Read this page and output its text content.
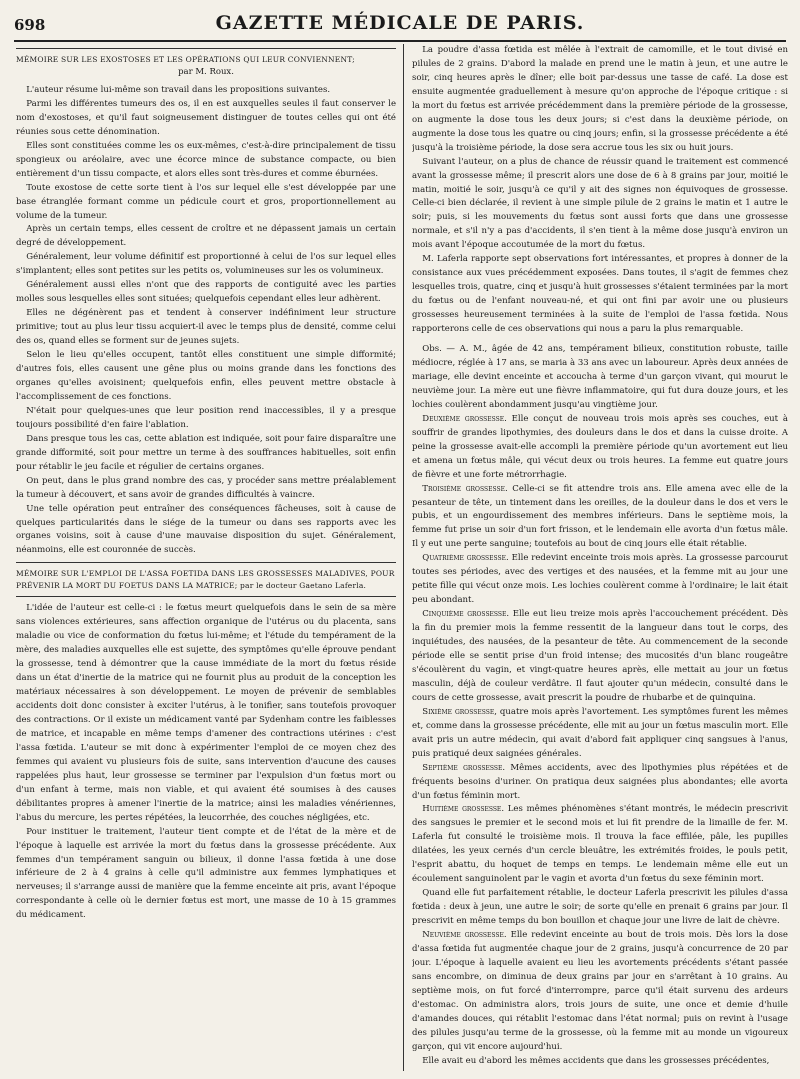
698	GAZETTE MÉDICALE DE PARIS.

MÉMOIRE SUR LES EXOSTOSES ET LES OPÉRATIONS QUI LEUR CONVIENNENT;

par M. Roux.

L'auteur résume lui-même son travail dans les propositions suivantes.

Parmi les différentes tumeurs des os, il en est auxquelles seules il faut conserver le nom d'exostoses, et qu'il faut soigneusement distinguer de toutes celles qui ont été réunies sous cette dénomination.

Elles sont constituées comme les os eux-mêmes, c'est-à-dire principalement de tissu spongieux ou aréolaire, avec une écorce mince de substance compacte, ou bien entièrement d'un tissu compacte, et alors elles sont très-dures et comme éburnées.

Toute exostose de cette sorte tient à l'os sur lequel elle s'est développée par une base étranglée formant comme un pédicule court et gros, proportionnellement au volume de la tumeur.

Après un certain temps, elles cessent de croître et ne dépassent jamais un certain degré de développement.

Généralement, leur volume définitif est proportionné à celui de l'os sur lequel elles s'implantent; elles sont petites sur les petits os, volumineuses sur les os volumineux.

Généralement aussi elles n'ont que des rapports de contiguité avec les parties molles sous lesquelles elles sont situées; quelquefois cependant elles leur adhèrent.

Elles ne dégénèrent pas et tendent à conserver indéfiniment leur structure primitive; tout au plus leur tissu acquiert-il avec le temps plus de densité, comme celui des os, quand elles se forment sur de jeunes sujets.

Selon le lieu qu'elles occupent, tantôt elles constituent une simple difformité; d'autres fois, elles causent une gêne plus ou moins grande dans les fonctions des organes qu'elles avoisinent; quelquefois enfin, elles peuvent mettre obstacle à l'accomplissement de ces fonctions.

N'était pour quelques-unes que leur position rend inaccessibles, il y a presque toujours possibilité d'en faire l'ablation.

Dans presque tous les cas, cette ablation est indiquée, soit pour faire disparaître une grande difformité, soit pour mettre un terme à des souffrances habituelles, soit enfin pour rétablir le jeu facile et régulier de certains organes.

On peut, dans le plus grand nombre des cas, y procéder sans mettre préalablement la tumeur à découvert, et sans avoir de grandes difficultés à vaincre.

Une telle opération peut entraîner des conséquences fâcheuses, soit à cause de quelques particularités dans le siége de la tumeur ou dans ses rapports avec les organes voisins, soit à cause d'une mauvaise disposition du sujet. Généralement, néanmoins, elle est couronnée de succès.

MÉMOIRE SUR L'EMPLOI DE L'ASSA FOETIDA DANS LES GROSSESSES MALADIVES, POUR PRÉVENIR LA MORT DU FOETUS DANS LA MATRICE; par le docteur Gaetano Laferla.

L'idée de l'auteur est celle-ci : le fœtus meurt quelquefois dans le sein de sa mère sans violences extérieures, sans affection organique de l'utérus ou du placenta, sans maladie ou vice de conformation du fœtus lui-même; et l'étude du tempérament de la mère, des maladies auxquelles elle est sujette, des symptômes qu'elle éprouve pendant la grossesse, tend à démontrer que la cause immédiate de la mort du fœtus réside dans un état d'inertie de la matrice qui ne fournit plus au produit de la conception les matériaux nécessaires à son développement. Le moyen de prévenir de semblables accidents doit donc consister à exciter l'utérus, à le tonifier, sans toutefois provoquer des contractions. Or il existe un médicament vanté par Sydenham contre les faiblesses de matrice, et incapable en même temps d'amener des contractions utérines : c'est l'assa fœtida. L'auteur se mit donc à expérimenter l'emploi de ce moyen chez des femmes qui avaient vu plusieurs fois de suite, sans intervention d'aucune des causes rappelées plus haut, leur grossesse se terminer par l'expulsion d'un fœtus mort ou d'un enfant à terme, mais non viable, et qui avaient été soumises à des causes débilitantes propres à amener l'inertie de la matrice; ainsi les maladies vénériennes, l'abus du mercure, les pertes répétées, la leucorrhée, des couches négligées, etc.

Pour instituer le traitement, l'auteur tient compte et de l'état de la mère et de l'époque à laquelle est arrivée la mort du fœtus dans la grossesse précédente. Aux femmes d'un tempérament sanguin ou bilieux, il donne l'assa fœtida à une dose inférieure de 2 à 4 grains à celle qu'il administre aux femmes lymphatiques et nerveuses; il s'arrange aussi de manière que la femme enceinte ait pris, avant l'époque correspondante à celle où le dernier fœtus est mort, une masse de 10 à 15 grammes du médicament.

La poudre d'assa fœtida est mêlée à l'extrait de camomille, et le tout divisé en pilules de 2 grains. D'abord la malade en prend une le matin à jeun, et une autre le soir, cinq heures après le dîner; elle boit par-dessus une tasse de café. La dose est ensuite augmentée graduellement à mesure qu'on approche de l'époque critique : si la mort du fœtus est arrivée précédemment dans la première période de la grossesse, on augmente la dose tous les deux jours; si c'est dans la deuxième période, on augmente la dose tous les quatre ou cinq jours; enfin, si la grossesse précédente a été jusqu'à la troisième période, la dose sera accrue tous les six ou huit jours.

Suivant l'auteur, on a plus de chance de réussir quand le traitement est commencé avant la grossesse même; il prescrit alors une dose de 6 à 8 grains par jour, moitié le matin, moitié le soir, jusqu'à ce qu'il y ait des signes non équivoques de grossesse. Celle-ci bien déclarée, il revient à une simple pilule de 2 grains le matin et 1 autre le soir; puis, si les mouvements du fœtus sont aussi forts que dans une grossesse normale, et s'il n'y a pas d'accidents, il s'en tient à la même dose jusqu'à environ un mois avant l'époque accoutumée de la mort du fœtus.

M. Laferla rapporte sept observations fort intéressantes, et propres à donner de la consistance aux vues précédemment exposées. Dans toutes, il s'agit de femmes chez lesquelles trois, quatre, cinq et jusqu'à huit grossesses s'étaient terminées par la mort du fœtus ou de l'enfant nouveau-né, et qui ont fini par avoir une ou plusieurs grossesses heureusement terminées à la suite de l'emploi de l'assa fœtida. Nous rapporterons celle de ces observations qui nous a paru la plus remarquable.

Obs. — A. M., âgée de 42 ans, tempérament bilieux, constitution robuste, taille médiocre, réglée à 17 ans, se maria à 33 ans avec un laboureur. Après deux années de mariage, elle devint enceinte et accoucha à terme d'un garçon vivant, qui mourut le neuvième jour. La mère eut une fièvre inflammatoire, qui fut dura douze jours, et les lochies coulèrent abondamment jusqu'au vingtième jour.

Deuxième grossesse. Elle conçut de nouveau trois mois après ses couches, eut à souffrir de grandes lipothymies, des douleurs dans le dos et dans la cuisse droite. A peine la grossesse avait-elle accompli la première période qu'un avortement eut lieu et amena un fœtus mâle, qui vécut deux ou trois heures. La femme eut quatre jours de fièvre et une forte métrorrhagie.

Troisième grossesse. Celle-ci se fit attendre trois ans. Elle amena avec elle de la pesanteur de tête, un tintement dans les oreilles, de la douleur dans le dos et vers le pubis, et un engourdissement des membres inférieurs. Dans le septième mois, la femme fut prise un soir d'un fort frisson, et le lendemain elle avorta d'un fœtus mâle. Il y eut une perte sanguine; toutefois au bout de cinq jours elle était rétablie.

Quatrième grossesse. Elle redevint enceinte trois mois après. La grossesse parcourut toutes ses périodes, avec des vertiges et des nausées, et la femme mit au jour une petite fille qui vécut onze mois. Les lochies coulèrent comme à l'ordinaire; le lait était peu abondant.

Cinquième grossesse. Elle eut lieu treize mois après l'accouchement précédent. Dès la fin du premier mois la femme ressentit de la langueur dans tout le corps, des inquiétudes, des nausées, de la pesanteur de tête. Au commencement de la seconde période elle se sentit prise d'un froid intense; des mucosités d'un blanc rougeâtre s'écoulèrent du vagin, et vingt-quatre heures après, elle mettait au jour un fœtus masculin, déjà de couleur verdâtre. Il faut ajouter qu'un médecin, consulté dans le cours de cette grossesse, avait prescrit la poudre de rhubarbe et de quinquina.

Sixième grossesse, quatre mois après l'avortement. Les symptômes furent les mêmes et, comme dans la grossesse précédente, elle mit au jour un fœtus masculin mort. Elle avait pris un autre médecin, qui avait d'abord fait appliquer cinq sangsues à l'anus, puis pratiqué deux saignées générales.

Septième grossesse. Mêmes accidents, avec des lipothymies plus répétées et de fréquents besoins d'uriner. On pratiqua deux saignées plus abondantes; elle avorta d'un fœtus féminin mort.

Huitième grossesse. Les mêmes phénomènes s'étant montrés, le médecin prescrivit des sangsues le premier et le second mois et lui fit prendre de la limaille de fer. M. Laferla fut consulté le troisième mois. Il trouva la face effilée, pâle, les pupilles dilatées, les yeux cernés d'un cercle bleuâtre, les extrémités froides, le pouls petit, l'esprit abattu, du hoquet de temps en temps. Le lendemain même elle eut un écoulement sanguinolent par le vagin et avorta d'un fœtus du sexe féminin mort.

Quand elle fut parfaitement rétablie, le docteur Laferla prescrivit les pilules d'assa fœtida : deux à jeun, une autre le soir; de sorte qu'elle en prenait 6 grains par jour. Il prescrivit en même temps du bon bouillon et chaque jour une livre de lait de chèvre.

Neuvième grossesse. Elle redevint enceinte au bout de trois mois. Dès lors la dose d'assa fœtida fut augmentée chaque jour de 2 grains, jusqu'à concurrence de 20 par jour. L'époque à laquelle avaient eu lieu les avortements précédents s'étant passée sans encombre, on diminua de deux grains par jour en s'arrêtant à 10 grains. Au septième mois, on fut forcé d'interrompre, parce qu'il était survenu des ardeurs d'estomac. On administra alors, trois jours de suite, une once et demie d'huile d'amandes douces, qui rétablit l'estomac dans l'état normal; puis on revint à l'usage des pilules jusqu'au terme de la grossesse, où la femme mit au monde un vigoureux garçon, qui vit encore aujourd'hui.

Elle avait eu d'abord les mêmes accidents que dans les grossesses précédentes,
